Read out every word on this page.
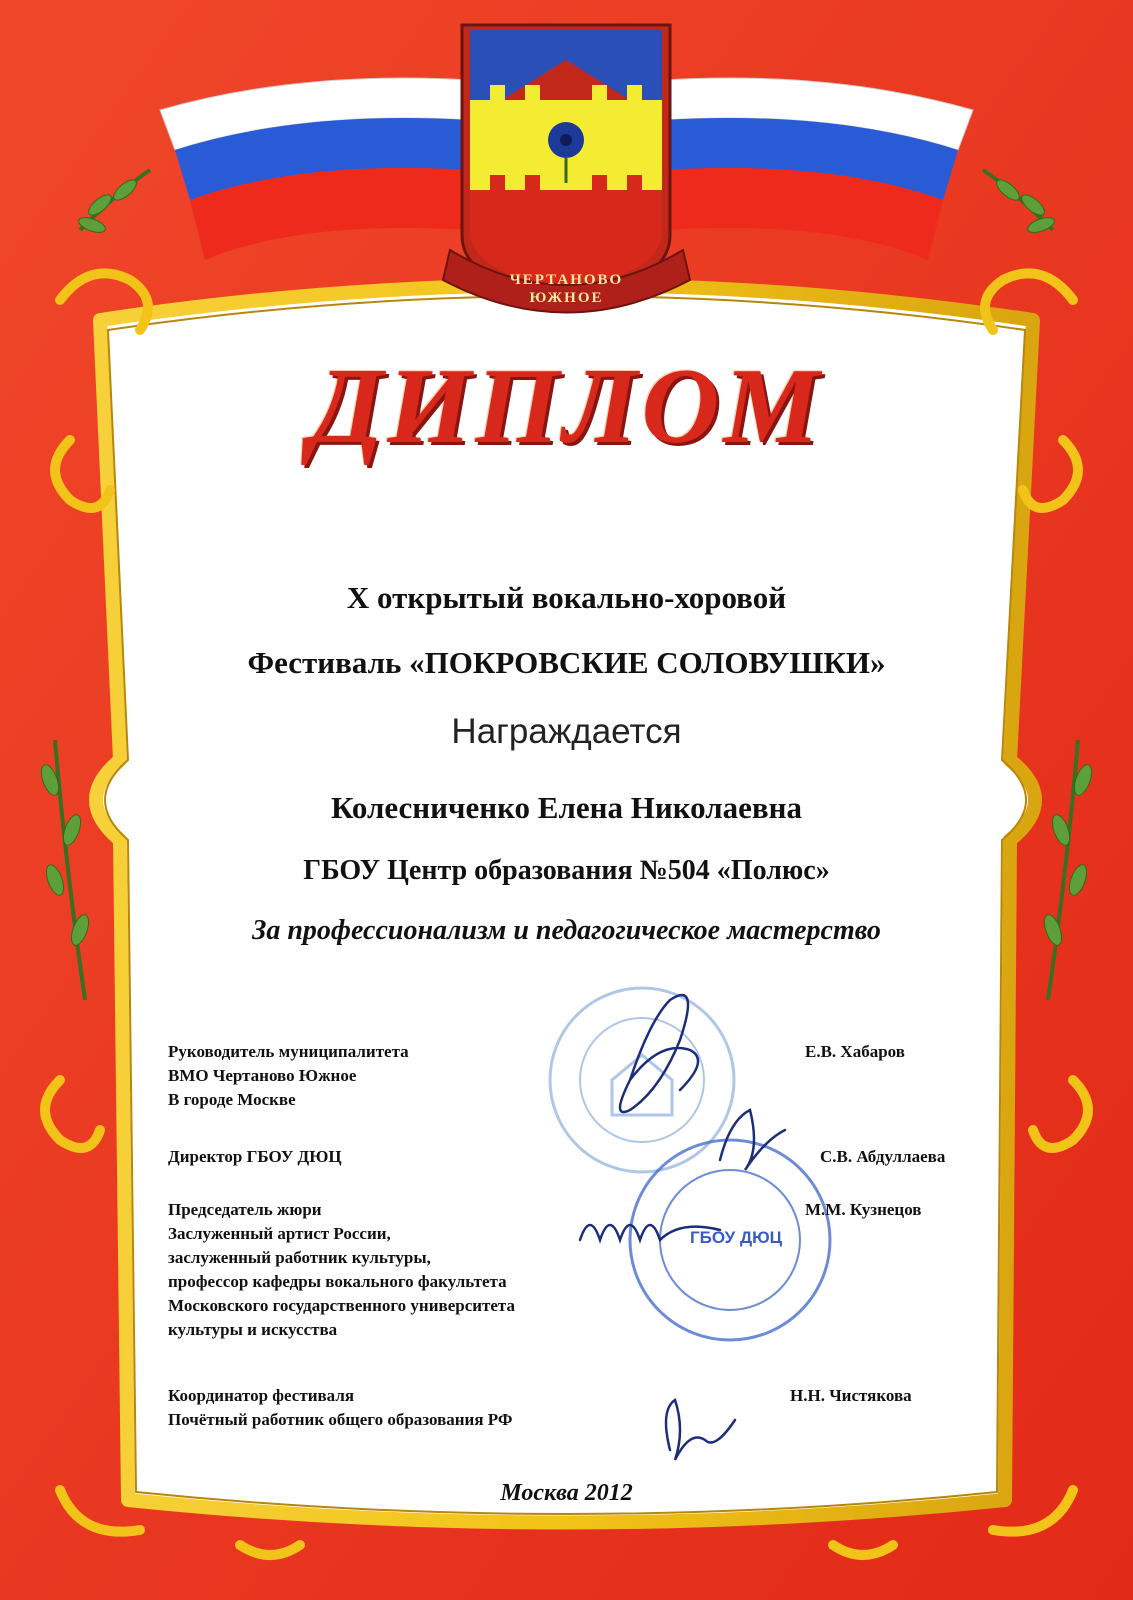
ЧЕРТАНОВО
ЮЖНОЕ
ДИПЛОМ
X открытый вокально-хоровой
Фестиваль «ПОКРОВСКИЕ СОЛОВУШКИ»
Награждается
Колесниченко Елена Николаевна
ГБОУ Центр образования №504 «Полюс»
За профессионализм и педагогическое мастерство
Руководитель муниципалитета
ВМО Чертаново Южное
В городе Москве
Е.В. Хабаров
Директор ГБОУ ДЮЦ	С.В. Абдуллаева
Председатель жюри
Заслуженный артист России,
заслуженный работник культуры,
профессор кафедры вокального факультета
Московского государственного университета
культуры и искусства
М.М. Кузнецов
Координатор фестиваля
Почётный работник общего образования РФ
Н.Н. Чистякова
ГБОУ ДЮЦ
Москва 2012
